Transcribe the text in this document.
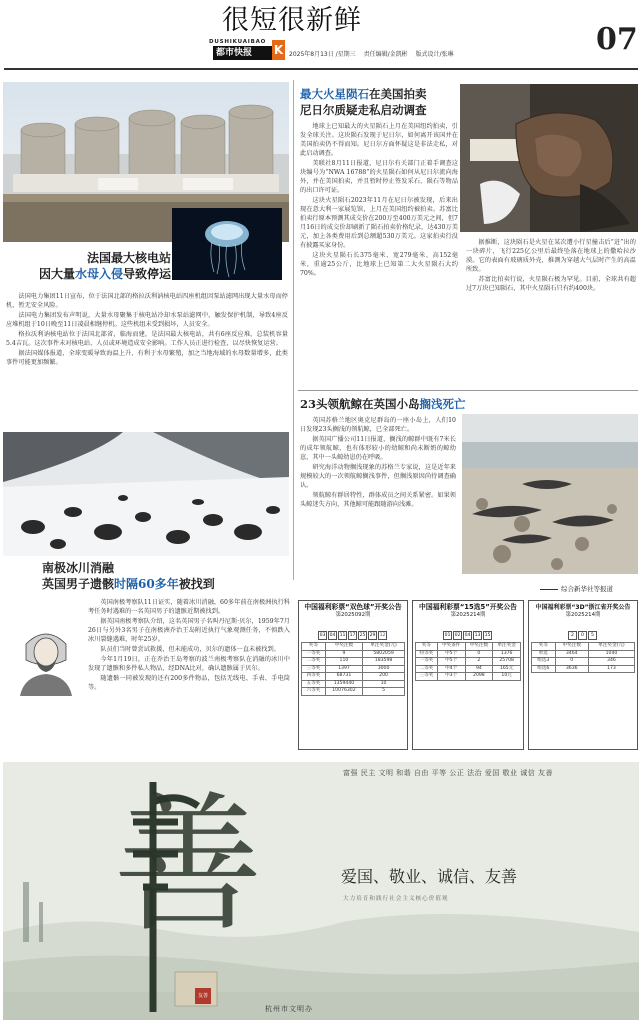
很短很新鲜
DUSHIKUAIBAO
都市快报	K 2025年8月13日 /星期三 责任编辑/金凯彬 版式设计/张琳	07
法国最大核电站
因大量水母入侵导致停运

法国电力集团11日宣布，位于法国北部的格拉沃利讷核电站四座机组因泵站滤网出现大量水母而停机，暂无安全风险。

法国电力集团发布声明说，大量水母聚集于核电站冷却水泵站滤网中，触发保护机制，导致4座反应堆机组于10日晚至11日凌晨相继停机。这些机组未受到损坏，人员安全。

格拉沃利讷核电站位于法国北部省，临海而建，是法国最大核电站，共有6座反应堆，总装机容量5.4吉瓦。这次事件未对核电站、人员或环境造成安全影响。工作人员正进行检查，以尽快恢复运营。

据法国媒体报道，全球变暖导致海温上升，有利于水母繁殖，加之当地海域的水母数量增多，此类事件可能更加频繁。

最大火星陨石在美国拍卖
尼日尔质疑走私启动调查

地球上已知最大的火星陨石上月在美国纽约拍卖，引发全球关注。这块陨石发现于尼日尔，如何离开该国并在美国拍卖仍不得而知。尼日尔方面怀疑这是非法走私，对此启动调查。

美联社8月11日报道，尼日尔有关部门正着手调查这块编号为“NWA 16788”的火星陨石如何从尼日尔流向海外，并在美国拍卖，并且暂时停止签发采石、陨石等物品的出口许可证。

这块火星陨石2023年11月在尼日尔被发现，后来出现在意大利一家展览馆，上月在美国纽约被拍卖。苏富比拍卖行原本预测其成交价在200万至400万美元之间，但7月16日的成交价却刷新了陨石拍卖价格纪录，达430万美元，加上各类费用后到总额超530万美元。这家拍卖行没有披露买家身份。

这块火星陨石长375毫米、宽279毫米、高152毫米，重逾25公斤，比地球上已知第二大火星陨石大约70%。

据推断，这块陨石是火星在某次遭小行星撞击后“迸”出的一块碎片，飞行225亿公里后最终坠落在地球上的撒哈拉沙漠。它的表面有玻璃质外壳，推测为穿越大气层时产生的高温所致。

苏富比拍卖行说，火星陨石极为罕见。目前，全球共有超过7万块已知陨石，其中火星陨石只有约400块。

23头领航鲸在英国小岛搁浅死亡

英国苏格兰地区奥克尼群岛的一座小岛上，人们10日发现23头搁浅的领航鲸，已全部死亡。

据英国广播公司11日报道，搁浅的鲸群中既有7米长的成年领航鲸，也有体形较小的幼鲸和尚未断奶的鲸幼崽，其中一头鲸幼崽仍在呼吸。

研究海洋动物搁浅现象的苏格兰专家说，这是近年来规模较大的一次领航鲸搁浅事件，但搁浅原因尚待调查确认。

领航鲸有群居特性，群体成员之间关系紧密。如果领头鲸迷失方向，其他鲸可能跟随游向浅滩。

综合新华社等报道
南极冰川消融
英国男子遗骸时隔60多年被找到

英国南极考察队11日证实，随着冰川消融，60多年前在南极洲执行科考任务时遇难的一名英国男子的遗骸近期被找到。

据英国南极考察队介绍，这名英国男子名叫丹尼斯·贝尔，1959年7月26日与另外3名男子在南极洲乔治王岛附近执行气象观测任务，不慎跌入冰川裂缝遇难，时年25岁。

队员们当时曾尝试救援，但未能成功，贝尔的遗体一直未被找到。

今年1月19日，正在乔治王岛考察的波兰南极考察队在消融的冰川中发现了遗骸和多件私人物品，经DNA比对，确认遗骸属于贝尔。

随遗骸一同被发现的还有200多件物品，包括无线电、手表、手电筒等。

中国福利彩票“双色球”开奖公告
第2025092期
03 04 11 17 25 29 12
奖等	中奖注数	单注奖金(元)
一等奖	9	5802059
二等奖	110	183598
三等奖	1397	3000
四等奖	68731	200
五等奖	1359440	10
六等奖	10076302	5
中国福利彩票“15选5”开奖公告
第2025214期
01 02 04 13 15
奖等	中奖条件	中奖注数	单注奖金
特等奖	中5个	0	1376
一等奖	中5个	2	25708
二等奖	中4个	94	165元
三等奖	中3个	2098	10元
中国福利彩票“3D”浙江省开奖公告
第2025214期
2 0 5
奖等	中奖注数	单注奖金(元)
单选	3464	1040
组选3	0	346
组选6	3636	173
善
富强 民主 文明 和谐 自由 平等 公正 法治 爱国 敬业 诚信 友善
爱国、敬业、诚信、友善
大力培育和践行社会主义核心价值观
友善
杭州市文明办
